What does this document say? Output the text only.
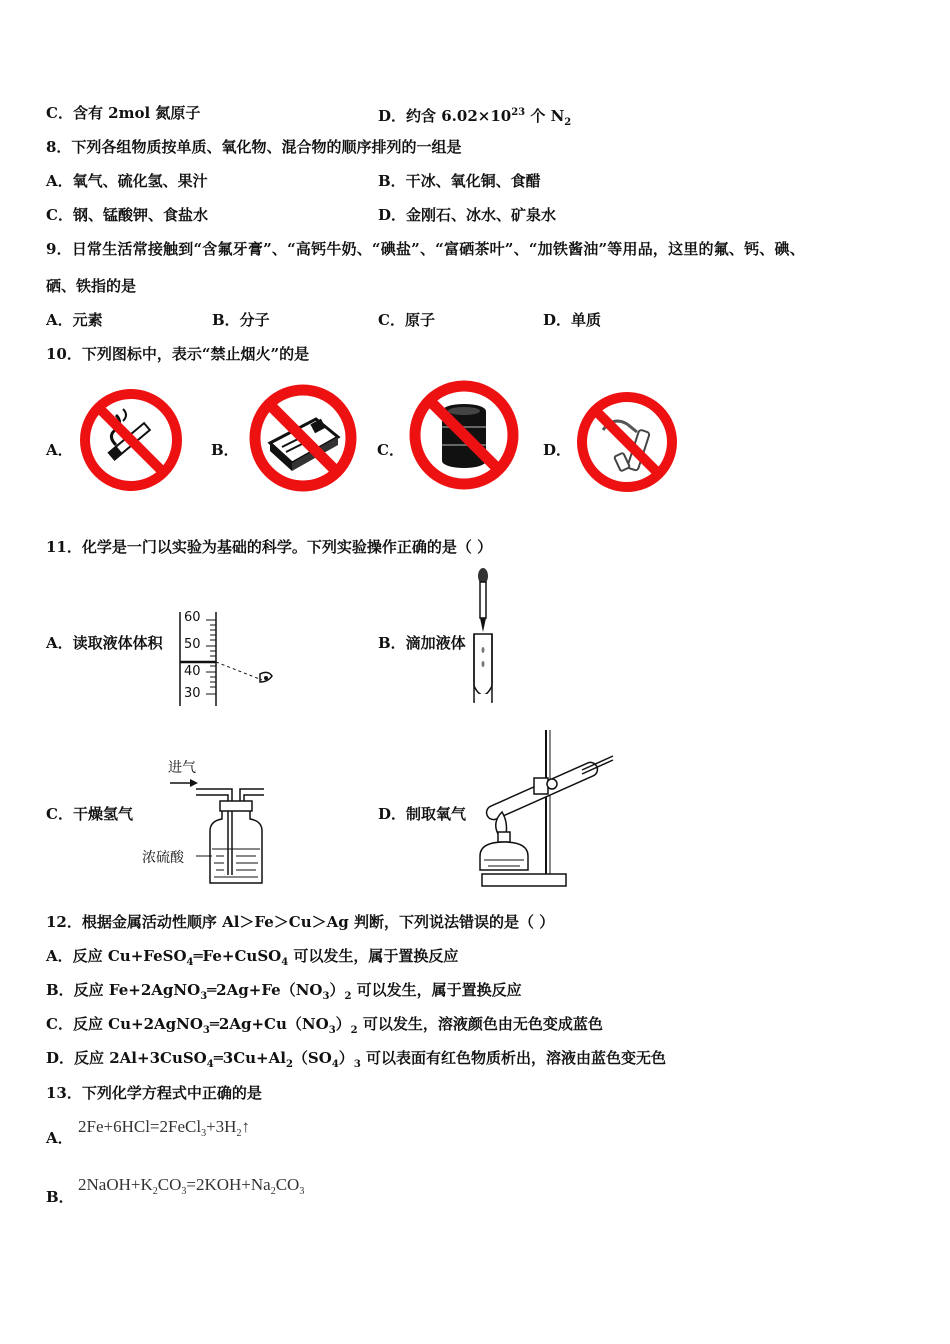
C．含有 2mol 氮原子	D．约含 $6.02\times 10^{23}$ 个 $N_2$
8．下列各组物质按单质、氧化物、混合物的顺序排列的一组是
A．氧气、硫化氢、果汁	B．干冰、氧化铜、食醋
C．钢、锰酸钾、食盐水	D．金刚石、冰水、矿泉水
9．日常生活常接触到“含氟牙膏”、“高钙牛奶、“碘盐”、“富硒茶叶”、“加铁酱油”等用品，这里的氟、钙、碘、
硒、铁指的是
A．元素	B．分子	C．原子	D．单质
10．下列图标中，表示“禁止烟火”的是
A．	B．	C．	D．
11．化学是一门以实验为基础的科学。下列实验操作正确的是（ ）
A．读取液体体积	B．滴加液体
60
50
40
30
C．干燥氢气	D．制取氧气
进气
浓硫酸
12．根据金属活动性顺序 Al＞Fe＞Cu＞Ag 判断，下列说法错误的是（ ）
A．反应 Cu+FeSO$_4$═Fe+CuSO$_4$ 可以发生，属于置换反应
B．反应 $Fe+2AgNO_3═2Ag+Fe(NO_3)_2$ 可以发生，属于置换反应
C．反应 $Cu+2AgNO_3═2Ag+Cu(NO_3)_2$ 可以发生，溶液颜色由无色变成蓝色
D．反应 $2Al+3CuSO_4═3Cu+Al_2(SO_4)_3$ 可以表面有红色物质析出，溶液由蓝色变无色
13．下列化学方程式中正确的是
A．
$2Fe+6HCl=2FeCl_3+3H_2↑$
B．
$2NaOH+K_2CO_3=2KOH+Na_2CO_3$
